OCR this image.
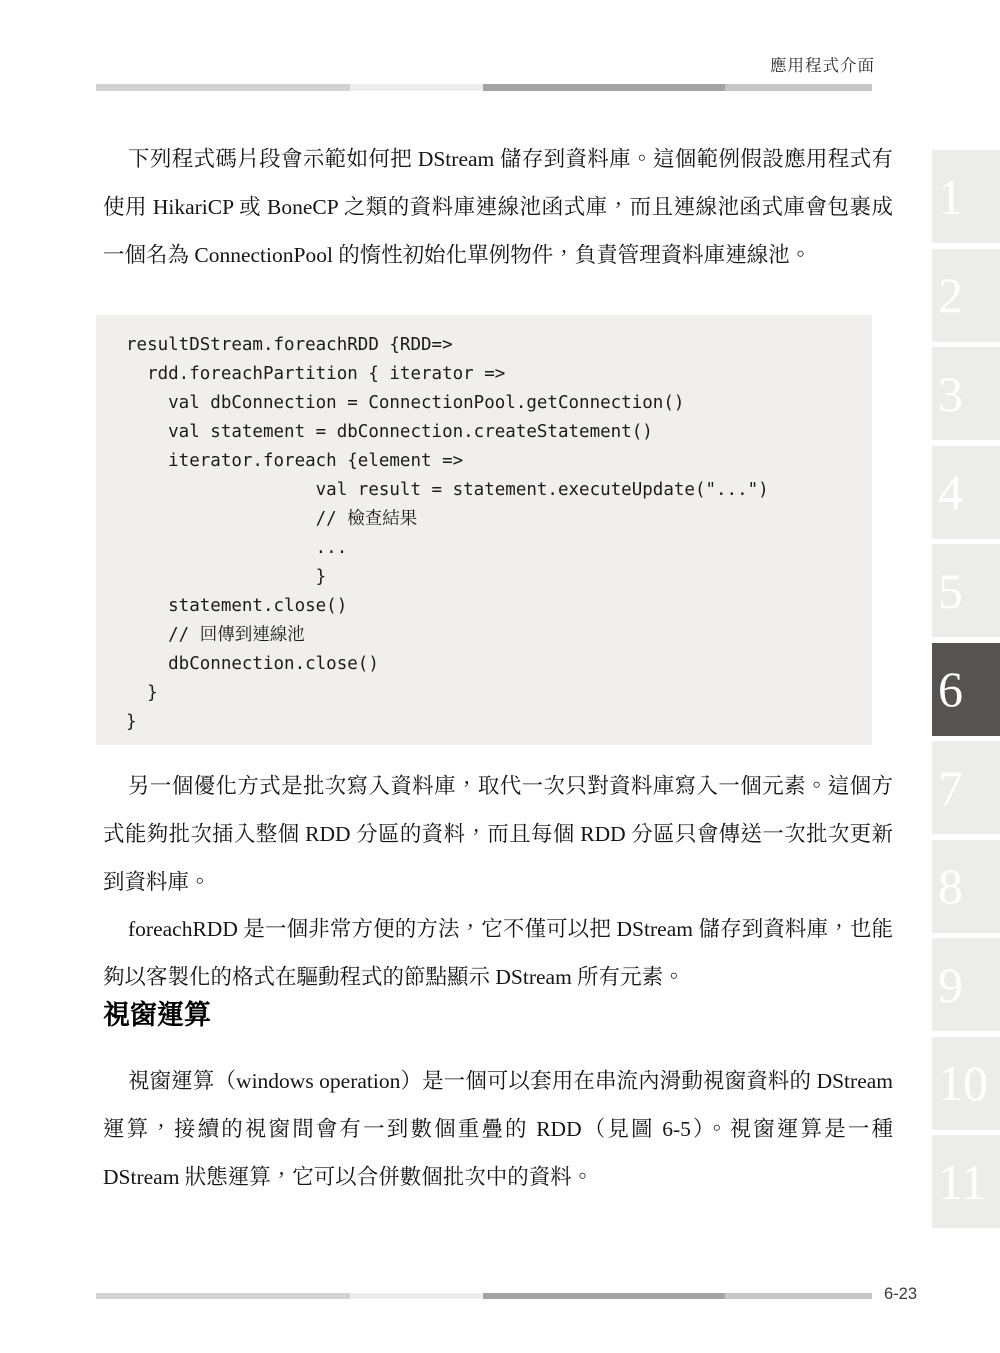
應用程式介面

下列程式碼片段會示範如何把 DStream 儲存到資料庫。這個範例假設應用程式有使用 HikariCP 或 BoneCP 之類的資料庫連線池函式庫，而且連線池函式庫會包裹成一個名為 ConnectionPool 的惰性初始化單例物件，負責管理資料庫連線池。

resultDStream.foreachRDD {RDD=>
rdd.foreachPartition { iterator =>
val dbConnection = ConnectionPool.getConnection()
val statement = dbConnection.createStatement()
iterator.foreach {element =>
val result = statement.executeUpdate("...")
// 檢查結果
...
}
statement.close()
// 回傳到連線池
dbConnection.close()
}
}

另一個優化方式是批次寫入資料庫，取代一次只對資料庫寫入一個元素。這個方式能夠批次插入整個 RDD 分區的資料，而且每個 RDD 分區只會傳送一次批次更新到資料庫。

foreachRDD 是一個非常方便的方法，它不僅可以把 DStream 儲存到資料庫，也能夠以客製化的格式在驅動程式的節點顯示 DStream 所有元素。

視窗運算

視窗運算（windows operation）是一個可以套用在串流內滑動視窗資料的 DStream 運算，接續的視窗間會有一到數個重疊的 RDD（見圖 6-5）。視窗運算是一種 DStream 狀態運算，它可以合併數個批次中的資料。

1
2
3
4
5
6
7
8
9
10
11
6-23
